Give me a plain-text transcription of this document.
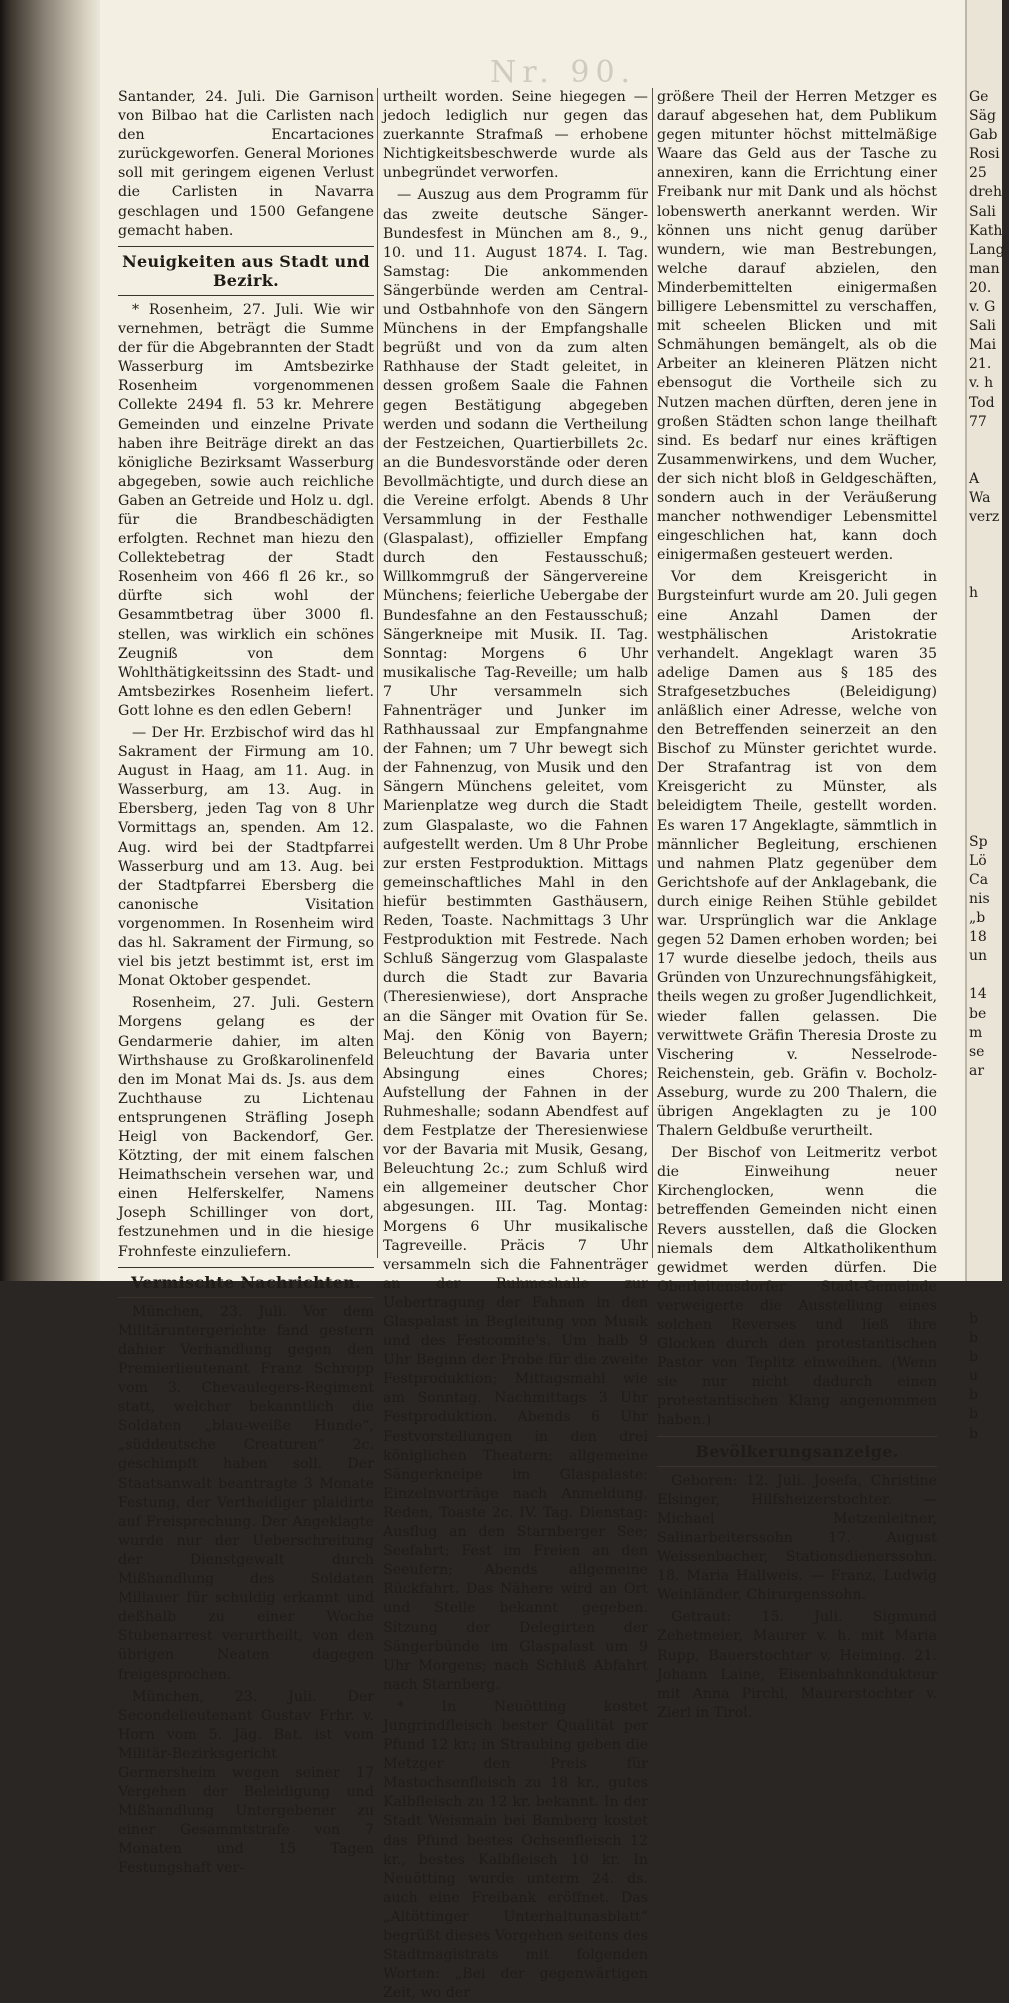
Nr. 90.

Santander, 24. Juli. Die Garnison von Bilbao hat die Carlisten nach den Encartaciones zurückgeworfen. General Moriones soll mit geringem eigenen Verlust die Carlisten in Navarra geschlagen und 1500 Gefangene gemacht haben.

Neuigkeiten aus Stadt und Bezirk.

* Rosenheim, 27. Juli. Wie wir vernehmen, beträgt die Summe der für die Abgebrannten der Stadt Wasserburg im Amtsbezirke Rosenheim vorgenommenen Collekte 2494 fl. 53 kr. Mehrere Gemeinden und einzelne Private haben ihre Beiträge direkt an das königliche Bezirksamt Wasserburg abgegeben, sowie auch reichliche Gaben an Getreide und Holz u. dgl. für die Brandbeschädigten erfolgten. Rechnet man hiezu den Collektebetrag der Stadt Rosenheim von 466 fl 26 kr., so dürfte sich wohl der Gesammtbetrag über 3000 fl. stellen, was wirklich ein schönes Zeugniß von dem Wohlthätigkeitssinn des Stadt- und Amtsbezirkes Rosenheim liefert. Gott lohne es den edlen Gebern!

— Der Hr. Erzbischof wird das hl Sakrament der Firmung am 10. August in Haag, am 11. Aug. in Wasserburg, am 13. Aug. in Ebersberg, jeden Tag von 8 Uhr Vormittags an, spenden. Am 12. Aug. wird bei der Stadtpfarrei Wasserburg und am 13. Aug. bei der Stadtpfarrei Ebersberg die canonische Visitation vorgenommen. In Rosenheim wird das hl. Sakrament der Firmung, so viel bis jetzt bestimmt ist, erst im Monat Oktober gespendet.

Rosenheim, 27. Juli. Gestern Morgens gelang es der Gendarmerie dahier, im alten Wirthshause zu Großkarolinenfeld den im Monat Mai ds. Js. aus dem Zuchthause zu Lichtenau entsprungenen Sträfling Joseph Heigl von Backendorf, Ger. Kötzting, der mit einem falschen Heimathschein versehen war, und einen Helferskelfer, Namens Joseph Schillinger von dort, festzunehmen und in die hiesige Frohnfeste einzuliefern.

Vermischte Nachrichten.

München, 23. Juli. Vor dem Militäruntergerichte fand gestern dahier Verhandlung gegen den Premierlieutenant Franz Schropp vom 3. Chevaulegers-Regiment statt, welcher bekanntlich die Soldaten „blau-weiße Hunde“, „süddeutsche Creaturen“ 2c. geschimpft haben soll. Der Staatsanwalt beantragte 3 Monate Festung, der Vertheidiger plaidirte auf Freisprechung. Der Angeklagte wurde nur der Ueberschreitung der Dienstgewalt durch Mißhandlung des Soldaten Millauer für schuldig erkannt und deßhalb zu einer Woche Stubenarrest verurtheilt, von den übrigen Neaten dagegen freigesprochen.

München, 23. Juli. Der Secondelieutenant Gustav Frhr. v. Horn vom 5. Jäg. Bat. ist vom Militär-Bezirksgericht Germersheim wegen seiner 17 Vergehen der Beleidigung und Mißhandlung Untergebener zu einer Gesammtstrafe von 7 Monaten und 15 Tagen Festungshaft ver-

urtheilt worden. Seine hiegegen — jedoch lediglich nur gegen das zuerkannte Strafmaß — erhobene Nichtigkeitsbeschwerde wurde als unbegründet verworfen.

— Auszug aus dem Programm für das zweite deutsche Sänger-Bundesfest in München am 8., 9., 10. und 11. August 1874. I. Tag. Samstag: Die ankommenden Sängerbünde werden am Central- und Ostbahnhofe von den Sängern Münchens in der Empfangshalle begrüßt und von da zum alten Rathhause der Stadt geleitet, in dessen großem Saale die Fahnen gegen Bestätigung abgegeben werden und sodann die Vertheilung der Festzeichen, Quartierbillets 2c. an die Bundesvorstände oder deren Bevollmächtigte, und durch diese an die Vereine erfolgt. Abends 8 Uhr Versammlung in der Festhalle (Glaspalast), offizieller Empfang durch den Festausschuß; Willkommgruß der Sängervereine Münchens; feierliche Uebergabe der Bundesfahne an den Festausschuß; Sängerkneipe mit Musik. II. Tag. Sonntag: Morgens 6 Uhr musikalische Tag-Reveille; um halb 7 Uhr versammeln sich Fahnenträger und Junker im Rathhaussaal zur Empfangnahme der Fahnen; um 7 Uhr bewegt sich der Fahnenzug, von Musik und den Sängern Münchens geleitet, vom Marienplatze weg durch die Stadt zum Glaspalaste, wo die Fahnen aufgestellt werden. Um 8 Uhr Probe zur ersten Festproduktion. Mittags gemeinschaftliches Mahl in den hiefür bestimmten Gasthäusern, Reden, Toaste. Nachmittags 3 Uhr Festproduktion mit Festrede. Nach Schluß Sängerzug vom Glaspalaste durch die Stadt zur Bavaria (Theresienwiese), dort Ansprache an die Sänger mit Ovation für Se. Maj. den König von Bayern; Beleuchtung der Bavaria unter Absingung eines Chores; Aufstellung der Fahnen in der Ruhmeshalle; sodann Abendfest auf dem Festplatze der Theresienwiese vor der Bavaria mit Musik, Gesang, Beleuchtung 2c.; zum Schluß wird ein allgemeiner deutscher Chor abgesungen. III. Tag. Montag: Morgens 6 Uhr musikalische Tagreveille. Präcis 7 Uhr versammeln sich die Fahnenträger an der Ruhmeshalle zur Uebertragung der Fahnen in den Glaspalast in Begleitung von Musik und des Festcomite's. Um halb 9 Uhr Beginn der Probe für die zweite Festproduktion; Mittagsmahl wie am Sonntag. Nachmittags 3 Uhr Festproduktion. Abends 6 Uhr Festvorstellungen in den drei königlichen Theatern; allgemeine Sängerkneipe im Glaspalaste; Einzelnvorträge nach Anmeldung, Reden, Toaste 2c. IV. Tag. Dienstag: Ausflug an den Starnberger See; Seefahrt; Fest im Freien an den Seeufern; Abends allgemeine Rückfahrt. Das Nähere wird an Ort und Stelle bekannt gegeben. Sitzung der Delegirten der Sängerbünde im Glaspalast um 9 Uhr Morgens; nach Schluß Abfahrt nach Starnberg.

* In Neuötting kostet Jungrindfleisch bester Qualität per Pfund 12 kr.; in Straubing geben die Metzger den Preis für Mastochsenfleisch zu 18 kr., gutes Kalbfleisch zu 12 kr. bekannt. In der Stadt Weismain bei Bamberg kostet das Pfund bestes Ochsenfleisch 12 kr., bestes Kalbfleisch 10 kr. In Neuötting wurde unterm 24. ds. auch eine Freibank eröffnet. Das „Altöttinger Unterhaltunasblatt“ begrüßt dieses Vorgehen seitens des Stadtmagistrats mit folgenden Worten: „Bei der gegenwärtigen Zeit, wo der

größere Theil der Herren Metzger es darauf abgesehen hat, dem Publikum gegen mitunter höchst mittelmäßige Waare das Geld aus der Tasche zu annexiren, kann die Errichtung einer Freibank nur mit Dank und als höchst lobenswerth anerkannt werden. Wir können uns nicht genug darüber wundern, wie man Bestrebungen, welche darauf abzielen, den Minderbemittelten einigermaßen billigere Lebensmittel zu verschaffen, mit scheelen Blicken und mit Schmähungen bemängelt, als ob die Arbeiter an kleineren Plätzen nicht ebensogut die Vortheile sich zu Nutzen machen dürften, deren jene in großen Städten schon lange theilhaft sind. Es bedarf nur eines kräftigen Zusammenwirkens, und dem Wucher, der sich nicht bloß in Geldgeschäften, sondern auch in der Veräußerung mancher nothwendiger Lebensmittel eingeschlichen hat, kann doch einigermaßen gesteuert werden.

Vor dem Kreisgericht in Burgsteinfurt wurde am 20. Juli gegen eine Anzahl Damen der westphälischen Aristokratie verhandelt. Angeklagt waren 35 adelige Damen aus § 185 des Strafgesetzbuches (Beleidigung) anläßlich einer Adresse, welche von den Betreffenden seinerzeit an den Bischof zu Münster gerichtet wurde. Der Strafantrag ist von dem Kreisgericht zu Münster, als beleidigtem Theile, gestellt worden. Es waren 17 Angeklagte, sämmtlich in männlicher Begleitung, erschienen und nahmen Platz gegenüber dem Gerichtshofe auf der Anklagebank, die durch einige Reihen Stühle gebildet war. Ursprünglich war die Anklage gegen 52 Damen erhoben worden; bei 17 wurde dieselbe jedoch, theils aus Gründen von Unzurechnungsfähigkeit, theils wegen zu großer Jugendlichkeit, wieder fallen gelassen. Die verwittwete Gräfin Theresia Droste zu Vischering v. Nesselrode-Reichenstein, geb. Gräfin v. Bocholz-Asseburg, wurde zu 200 Thalern, die übrigen Angeklagten zu je 100 Thalern Geldbuße verurtheilt.

Der Bischof von Leitmeritz verbot die Einweihung neuer Kirchenglocken, wenn die betreffenden Gemeinden nicht einen Revers ausstellen, daß die Glocken niemals dem Altkatholikenthum gewidmet werden dürfen. Die Oberleitensdorfer Stadt-Gemeinde verweigerte die Ausstellung eines solchen Reverses und ließ ihre Glocken durch den protestantischen Pastor von Teplitz einweihen. (Wenn sie nur nicht dadurch einen protestantischen Klang angenommen haben.)

Bevölkerungsanzeige.

Geboren: 12. Juli. Josefa, Christine Elsinger, Hilfsheizerstochter. — Michael Metzenleitner, Salinarbeiterssohn 17. August Weissenbacher, Stationsdienerssohn. 18. Maria Hallweis. — Franz, Ludwig Weinländer, Chirurgenssohn.

Getraut: 15. Juli. Sigmund Zehetmeier, Maurer v. h. mit Maria Rupp, Bauerstochter v. Heiming. 21. Johann Laine, Eisenbahnkondukteur mit Anna Pirchl, Maurerstochter v. Zierl in Tirol.

Ge
Säg
Gab
Rosi
25
dreh
Sali
Kath
Lang
man
20.
v. G
Sali
Mai
21.
v. h
Tod
77
A
Wa
verz
h
Sp
Lö
Ca
nis
„b
18
un
14
be
m
se
ar
b
b
b
u
b
b
b
